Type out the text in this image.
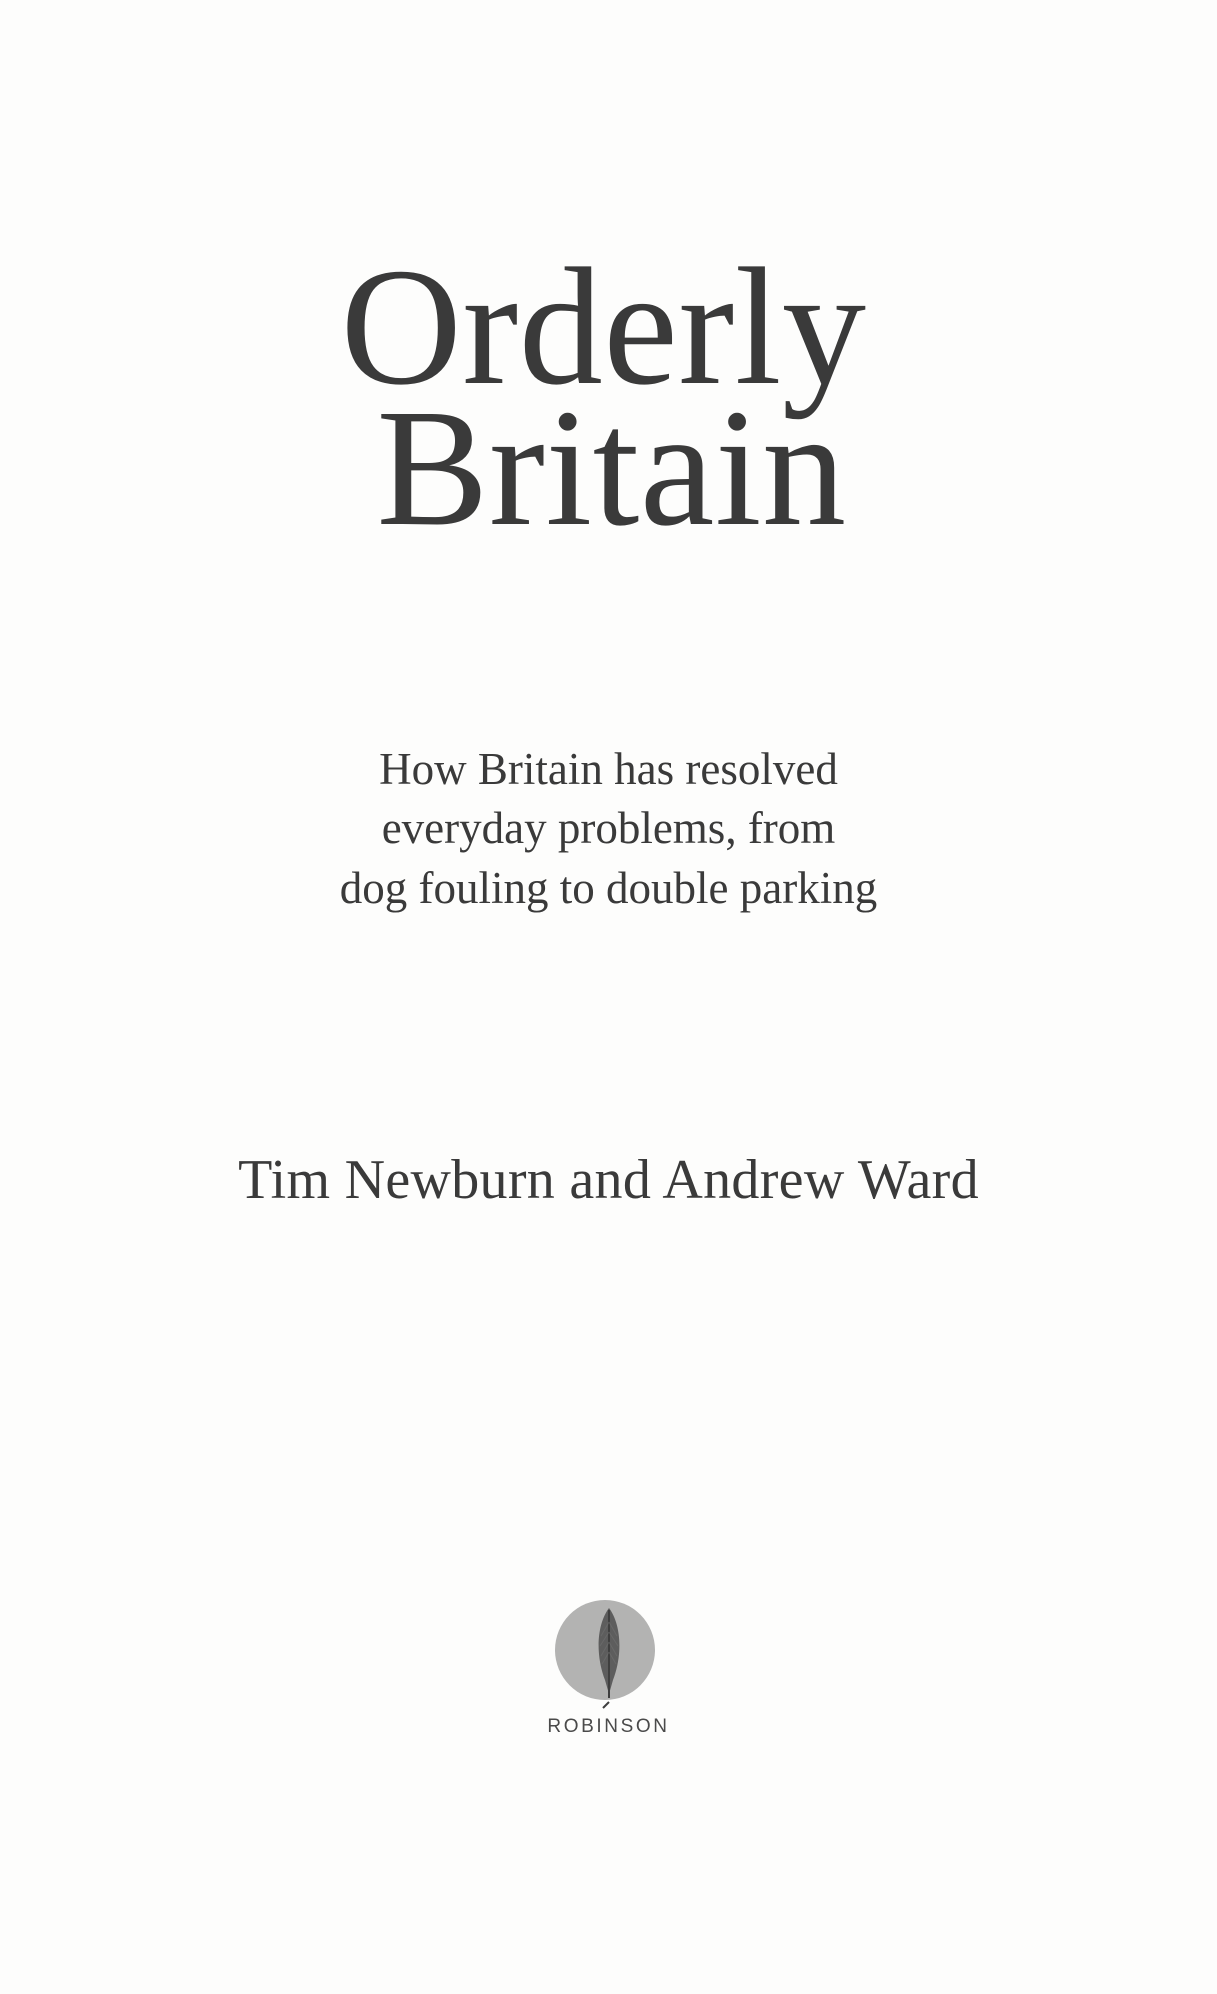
Orderly
Britain
How Britain has resolved
everyday problems, from
dog fouling to double parking
Tim Newburn and Andrew Ward
ROBINSON
